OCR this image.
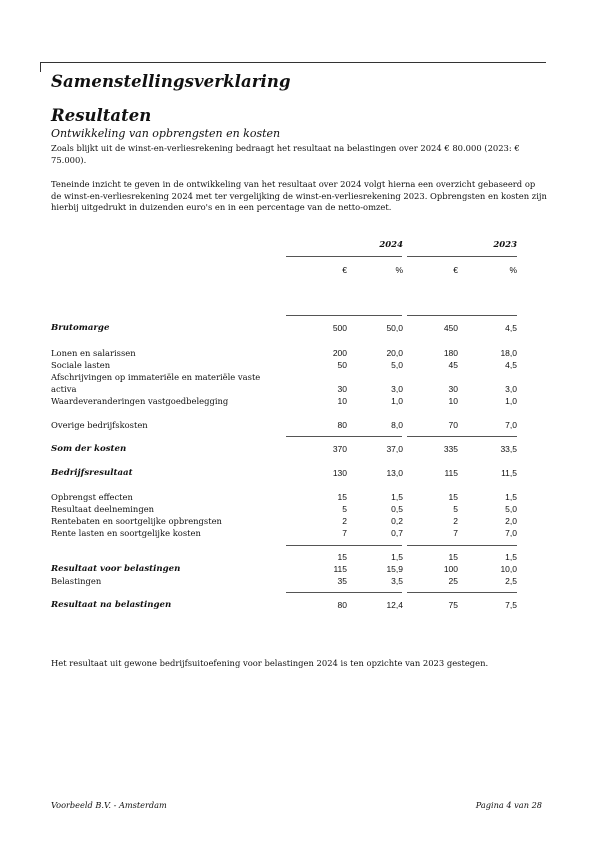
Samenstellingsverklaring
Resultaten
Ontwikkeling van opbrengsten en kosten
Zoals blijkt uit de winst-en-verliesrekening bedraagt het resultaat na belastingen over 2024 € 80.000 (2023: € 75.000).
Teneinde inzicht te geven in de ontwikkeling van het resultaat over 2024 volgt hierna een overzicht gebaseerd op de winst-en-verliesrekening 2024 met ter vergelijking de winst-en-verliesrekening 2023. Opbrengsten en kosten zijn hierbij uitgedrukt in duizenden euro's en in een percentage van de netto-omzet.
2024	2023
€	%	€	%
Brutomarge	500	50,0	450	4,5
Lonen en salarissen	200	20,0	180	18,0
Sociale lasten	50	5,0	45	4,5
Afschrijvingen op immateriële en materiële vaste
activa	30	3,0	30	3,0
Waardeveranderingen vastgoedbelegging	10	1,0	10	1,0
Overige bedrijfskosten	80	8,0	70	7,0
Som der kosten	370	37,0	335	33,5
Bedrijfsresultaat	130	13,0	115	11,5
Opbrengst effecten	15	1,5	15	1,5
Resultaat deelnemingen	5	0,5	5	5,0
Rentebaten en soortgelijke opbrengsten	2	0,2	2	2,0
Rente lasten en soortgelijke kosten	7	0,7	7	7,0
15	1,5	15	1,5
Resultaat voor belastingen	115	15,9	100	10,0
Belastingen	35	3,5	25	2,5
Resultaat na belastingen	80	12,4	75	7,5
Het resultaat uit gewone bedrijfsuitoefening voor belastingen 2024 is ten opzichte van 2023 gestegen.
Voorbeeld B.V. - Amsterdam	Pagina 4 van 28
